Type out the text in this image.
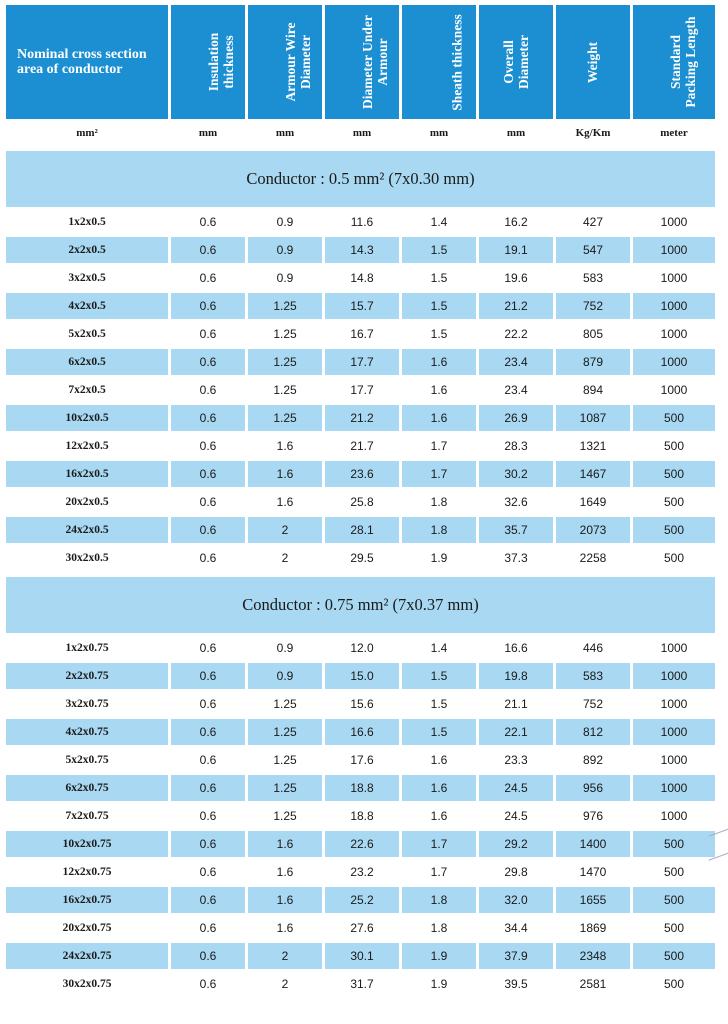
Nominal cross section area of conductor	Insulation thickness	Armour Wire Diameter	Diameter Under Armour	Sheath thickness	Overall Diameter	Weight	Standard Packing Length
mm²	mm	mm	mm	mm	mm	Kg/Km	meter

Conductor : 0.5 mm² (7x0.30 mm)							
1x2x0.5	0.6	0.9	11.6	1.4	16.2	427	1000
2x2x0.5	0.6	0.9	14.3	1.5	19.1	547	1000
3x2x0.5	0.6	0.9	14.8	1.5	19.6	583	1000
4x2x0.5	0.6	1.25	15.7	1.5	21.2	752	1000
5x2x0.5	0.6	1.25	16.7	1.5	22.2	805	1000
6x2x0.5	0.6	1.25	17.7	1.6	23.4	879	1000
7x2x0.5	0.6	1.25	17.7	1.6	23.4	894	1000
10x2x0.5	0.6	1.25	21.2	1.6	26.9	1087	500
12x2x0.5	0.6	1.6	21.7	1.7	28.3	1321	500
16x2x0.5	0.6	1.6	23.6	1.7	30.2	1467	500
20x2x0.5	0.6	1.6	25.8	1.8	32.6	1649	500
24x2x0.5	0.6	2	28.1	1.8	35.7	2073	500
30x2x0.5	0.6	2	29.5	1.9	37.3	2258	500

Conductor : 0.75 mm² (7x0.37 mm)							
1x2x0.75	0.6	0.9	12.0	1.4	16.6	446	1000
2x2x0.75	0.6	0.9	15.0	1.5	19.8	583	1000
3x2x0.75	0.6	1.25	15.6	1.5	21.1	752	1000
4x2x0.75	0.6	1.25	16.6	1.5	22.1	812	1000
5x2x0.75	0.6	1.25	17.6	1.6	23.3	892	1000
6x2x0.75	0.6	1.25	18.8	1.6	24.5	956	1000
7x2x0.75	0.6	1.25	18.8	1.6	24.5	976	1000
10x2x0.75	0.6	1.6	22.6	1.7	29.2	1400	500
12x2x0.75	0.6	1.6	23.2	1.7	29.8	1470	500
16x2x0.75	0.6	1.6	25.2	1.8	32.0	1655	500
20x2x0.75	0.6	1.6	27.6	1.8	34.4	1869	500
24x2x0.75	0.6	2	30.1	1.9	37.9	2348	500
30x2x0.75	0.6	2	31.7	1.9	39.5	2581	500
